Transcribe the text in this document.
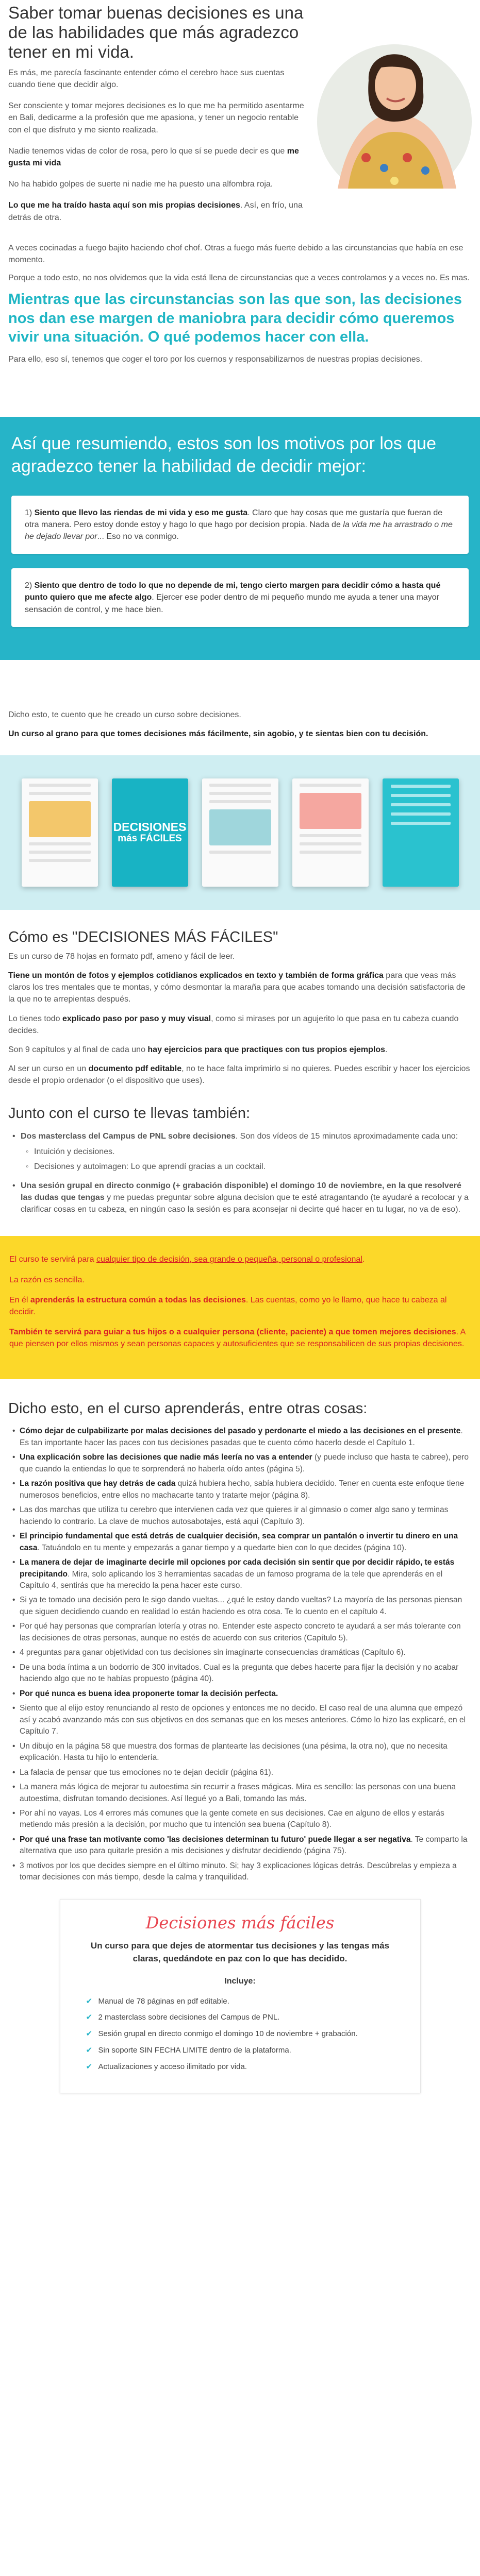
Saber tomar buenas decisiones es una de las habilidades que más agradezco tener en mi vida.

Es más, me parecía fascinante entender cómo el cerebro hace sus cuentas cuando tiene que decidir algo.

Ser consciente y tomar mejores decisiones es lo que me ha permitido asentarme en Bali, dedicarme a la profesión que me apasiona, y tener un negocio rentable con el que disfruto y me siento realizada.

Nadie tenemos vidas de color de rosa, pero lo que sí se puede decir es que me gusta mi vida

No ha habido golpes de suerte ni nadie me ha puesto una alfombra roja.

Lo que me ha traído hasta aquí son mis propias decisiones. Así, en frío, una detrás de otra.

A veces cocinadas a fuego bajito haciendo chof chof. Otras a fuego más fuerte debido a las circunstancias que había en ese momento.

Porque a todo esto, no nos olvidemos que la vida está llena de circunstancias que a veces controlamos y a veces no. Es mas.

Mientras que las circunstancias son las que son, las decisiones nos dan ese margen de maniobra para decidir cómo queremos vivir una situación. O qué podemos hacer con ella.

Para ello, eso sí, tenemos que coger el toro por los cuernos y responsabilizarnos de nuestras propias decisiones.

Así que resumiendo, estos son los motivos por los que agradezco tener la habilidad de decidir mejor:
1) Siento que llevo las riendas de mi vida y eso me gusta. Claro que hay cosas que me gustaría que fueran de otra manera. Pero estoy donde estoy y hago lo que hago por decision propia. Nada de la vida me ha arrastrado o me he dejado llevar por... Eso no va conmigo.
2) Siento que dentro de todo lo que no depende de mi, tengo cierto margen para decidir cómo a hasta qué punto quiero que me afecte algo. Ejercer ese poder dentro de mi pequeño mundo me ayuda a tener una mayor sensación de control, y me hace bien.

Dicho esto, te cuento que he creado un curso sobre decisiones.

Un curso al grano para que tomes decisiones más fácilmente, sin agobio, y te sientas bien con tu decisión.

DECISIONES
más FÁCILES
Cómo es "DECISIONES MÁS FÁCILES"

Es un curso de 78 hojas en formato pdf, ameno y fácil de leer.

Tiene un montón de fotos y ejemplos cotidianos explicados en texto y también de forma gráfica para que veas más claros los tres mentales que te montas, y cómo desmontar la maraña para que acabes tomando una decisión satisfactoria de la que no te arrepientas después.

Lo tienes todo explicado paso por paso y muy visual, como si mirases por un agujerito lo que pasa en tu cabeza cuando decides.

Son 9 capítulos y al final de cada uno hay ejercicios para que practiques con tus propios ejemplos.

Al ser un curso en un documento pdf editable, no te hace falta imprimirlo si no quieres. Puedes escribir y hacer los ejercicios desde el propio ordenador (o el dispositivo que uses).

Junto con el curso te llevas también:
• Dos masterclass del Campus de PNL sobre decisiones. Son dos vídeos de 15 minutos aproximadamente cada uno:
◦ Intuición y decisiones.
◦ Decisiones y autoimagen: Lo que aprendí gracias a un cocktail.
• Una sesión grupal en directo conmigo (+ grabación disponible) el domingo 10 de noviembre, en la que resolveré las dudas que tengas y me puedas preguntar sobre alguna decision que te esté atragantando (te ayudaré a recolocar y a clarificar cosas en tu cabeza, en ningún caso la sesión es para aconsejar ni decirte qué hacer en tu lugar, no va de eso).

El curso te servirá para cualquier tipo de decisión, sea grande o pequeña, personal o profesional.

La razón es sencilla.

En él aprenderás la estructura común a todas las decisiones. Las cuentas, como yo le llamo, que hace tu cabeza al decidir.

También te servirá para guiar a tus hijos o a cualquier persona (cliente, paciente) a que tomen mejores decisiones. A que piensen por ellos mismos y sean personas capaces y autosuficientes que se responsabilicen de sus propias decisiones.

Dicho esto, en el curso aprenderás, entre otras cosas:
• Cómo dejar de culpabilizarte por malas decisiones del pasado y perdonarte el miedo a las decisiones en el presente. Es tan importante hacer las paces con tus decisiones pasadas que te cuento cómo hacerlo desde el Capítulo 1.
• Una explicación sobre las decisiones que nadie más leería no vas a entender (y puede incluso que hasta te cabree), pero que cuando la entiendas lo que te sorprenderá no haberla oído antes (página 5).
• La razón positiva que hay detrás de cada quizá hubiera hecho, sabía hubiera decidido. Tener en cuenta este enfoque tiene numerosos beneficios, entre ellos no machacarte tanto y tratarte mejor (página 8).
• Las dos marchas que utiliza tu cerebro que intervienen cada vez que quieres ir al gimnasio o comer algo sano y terminas haciendo lo contrario. La clave de muchos autosabotajes, está aquí (Capítulo 3).
• El principio fundamental que está detrás de cualquier decisión, sea comprar un pantalón o invertir tu dinero en una casa. Tatuándolo en tu mente y empezarás a ganar tiempo y a quedarte bien con lo que decides (página 10).
• La manera de dejar de imaginarte decirle mil opciones por cada decisión sin sentir que por decidir rápido, te estás precipitando. Mira, solo aplicando los 3 herramientas sacadas de un famoso programa de la tele que aprenderás en el Capítulo 4, sentirás que ha merecido la pena hacer este curso.
• Si ya te tomado una decisión pero le sigo dando vueltas... ¿qué le estoy dando vueltas? La mayoría de las personas piensan que siguen decidiendo cuando en realidad lo están haciendo es otra cosa. Te lo cuento en el capítulo 4.
• Por qué hay personas que comprarían lotería y otras no. Entender este aspecto concreto te ayudará a ser más tolerante con las decisiones de otras personas, aunque no estés de acuerdo con sus criterios (Capítulo 5).
• 4 preguntas para ganar objetividad con tus decisiones sin imaginarte consecuencias dramáticas (Capítulo 6).
• De una boda íntima a un bodorrio de 300 invitados. Cual es la pregunta que debes hacerte para fijar la decisión y no acabar haciendo algo que no te habías propuesto (página 40).
• Por qué nunca es buena idea proponerte tomar la decisión perfecta.
• Siento que al elijo estoy renunciando al resto de opciones y entonces me no decido. El caso real de una alumna que empezó así y acabó avanzando más con sus objetivos en dos semanas que en los meses anteriores. Cómo lo hizo las explicaré, en el Capítulo 7.
• Un dibujo en la página 58 que muestra dos formas de plantearte las decisiones (una pésima, la otra no), que no necesita explicación. Hasta tu hijo lo entendería.
• La falacia de pensar que tus emociones no te dejan decidir (página 61).
• La manera más lógica de mejorar tu autoestima sin recurrir a frases mágicas. Mira es sencillo: las personas con una buena autoestima, disfrutan tomando decisiones. Así llegué yo a Bali, tomando las más.
• Por ahí no vayas. Los 4 errores más comunes que la gente comete en sus decisiones. Cae en alguno de ellos y estarás metiendo más presión a la decisión, por mucho que tu intención sea buena (Capítulo 8).
• Por qué una frase tan motivante como 'las decisiones determinan tu futuro' puede llegar a ser negativa. Te comparto la alternativa que uso para quitarle presión a mis decisiones y disfrutar decidiendo (página 75).
• 3 motivos por los que decides siempre en el último minuto. Si; hay 3 explicaciones lógicas detrás. Descúbrelas y empieza a tomar decisiones con más tiempo, desde la calma y tranquilidad.
Decisiones más fáciles
Un curso para que dejes de atormentar tus decisiones y las tengas más claras, quedándote en paz con lo que has decidido.
Incluye:
✔ Manual de 78 páginas en pdf editable.
✔ 2 masterclass sobre decisiones del Campus de PNL.
✔ Sesión grupal en directo conmigo el domingo 10 de noviembre + grabación.
✔ Sin soporte SIN FECHA LIMITE dentro de la plataforma.
✔ Actualizaciones y acceso ilimitado por vida.
